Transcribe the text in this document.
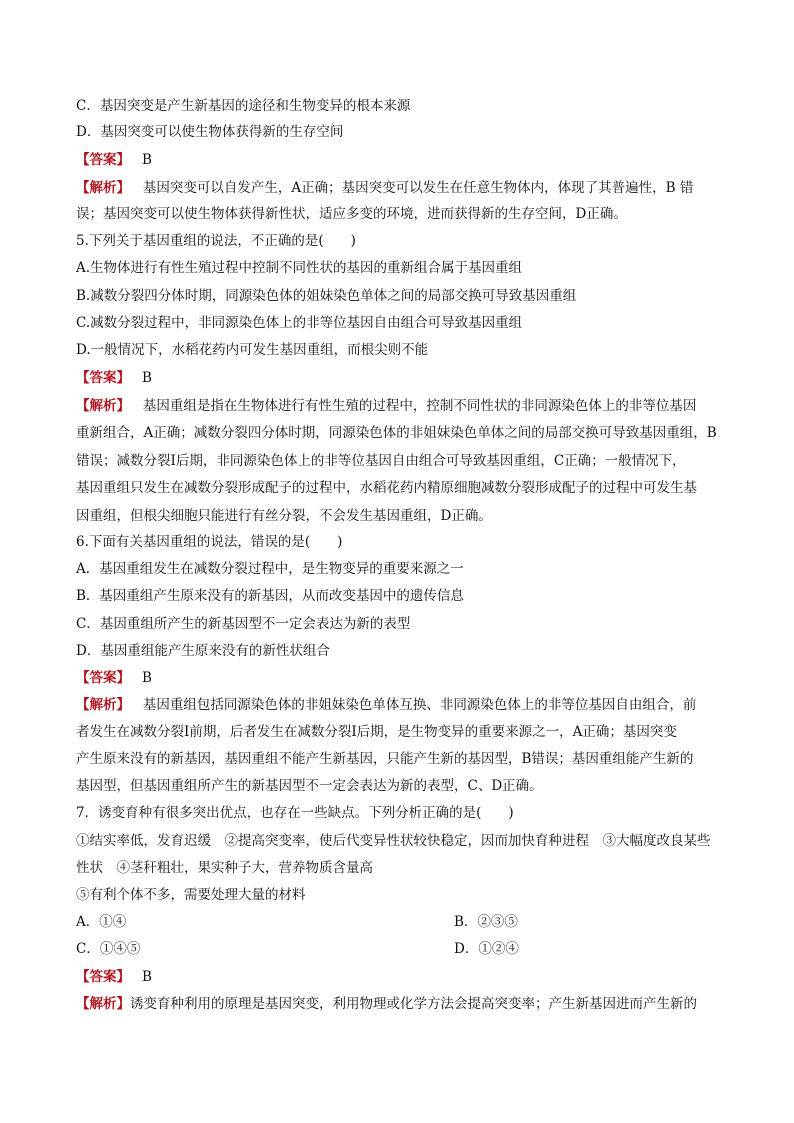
C．基因突变是产生新基因的途径和生物变异的根本来源
D．基因突变可以使生物体获得新的生存空间
【答案】 B
【解析】 基因突变可以自发产生，A正确；基因突变可以发生在任意生物体内，体现了其普遍性，B 错
误；基因突变可以使生物体获得新性状，适应多变的环境，进而获得新的生存空间，D正确。
5.下列关于基因重组的说法，不正确的是(　　)
A.生物体进行有性生殖过程中控制不同性状的基因的重新组合属于基因重组
B.减数分裂四分体时期，同源染色体的姐妹染色单体之间的局部交换可导致基因重组
C.减数分裂过程中，非同源染色体上的非等位基因自由组合可导致基因重组
D.一般情况下，水稻花药内可发生基因重组，而根尖则不能
【答案】 B
【解析】 基因重组是指在生物体进行有性生殖的过程中，控制不同性状的非同源染色体上的非等位基因
重新组合，A正确；减数分裂四分体时期，同源染色体的非姐妹染色单体之间的局部交换可导致基因重组，B
错误；减数分裂Ⅰ后期，非同源染色体上的非等位基因自由组合可导致基因重组，C正确；一般情况下，
基因重组只发生在减数分裂形成配子的过程中，水稻花药内精原细胞减数分裂形成配子的过程中可发生基
因重组，但根尖细胞只能进行有丝分裂，不会发生基因重组，D正确。
6.下面有关基因重组的说法，错误的是(　　)
A．基因重组发生在减数分裂过程中，是生物变异的重要来源之一
B．基因重组产生原来没有的新基因，从而改变基因中的遗传信息
C．基因重组所产生的新基因型不一定会表达为新的表型
D．基因重组能产生原来没有的新性状组合
【答案】 B
【解析】 基因重组包括同源染色体的非姐妹染色单体互换、非同源染色体上的非等位基因自由组合，前
者发生在减数分裂Ⅰ前期，后者发生在减数分裂Ⅰ后期，是生物变异的重要来源之一，A正确；基因突变
产生原来没有的新基因，基因重组不能产生新基因，只能产生新的基因型，B错误；基因重组能产生新的
基因型，但基因重组所产生的新基因型不一定会表达为新的表型，C、D正确。
7．诱变育种有很多突出优点，也存在一些缺点。下列分析正确的是(　　)
①结实率低，发育迟缓　②提高突变率，使后代变异性状较快稳定，因而加快育种进程　③大幅度改良某些
性状　④茎秆粗壮，果实种子大，营养物质含量高
⑤有利个体不多，需要处理大量的材料
A．①④	B．②③⑤
C．①④⑤	D．①②④
【答案】 B
【解析】诱变育种利用的原理是基因突变，利用物理或化学方法会提高突变率；产生新基因进而产生新的
